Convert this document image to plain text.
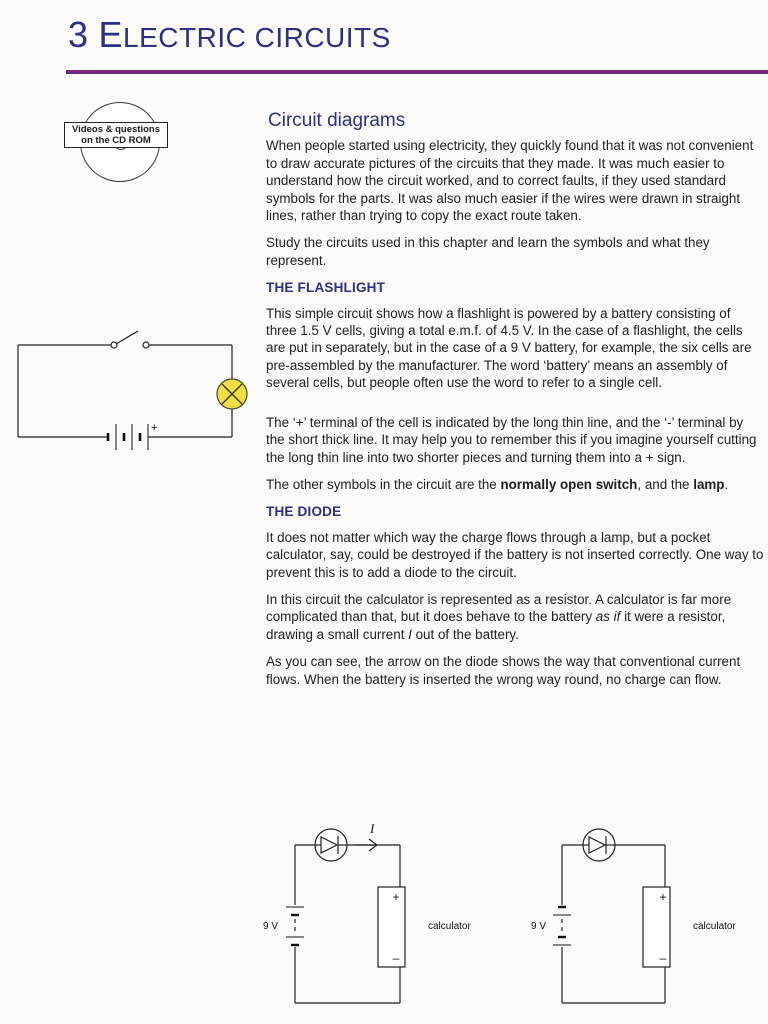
3 ELECTRIC CIRCUITS
Videos & questions
on the CD ROM
+
Circuit diagrams

When people started using electricity, they quickly found that it was not convenient to draw accurate pictures of the circuits that they made. It was much easier to understand how the circuit worked, and to correct faults, if they used standard symbols for the parts. It was also much easier if the wires were drawn in straight lines, rather than trying to copy the exact route taken.

Study the circuits used in this chapter and learn the symbols and what they represent.

THE FLASHLIGHT

This simple circuit shows how a flashlight is powered by a battery consisting of three 1.5 V cells, giving a total e.m.f. of 4.5 V. In the case of a flashlight, the cells are put in separately, but in the case of a 9 V battery, for example, the six cells are pre-assembled by the manufacturer. The word ‘battery’ means an assembly of several cells, but people often use the word to refer to a single cell.

The ‘+’ terminal of the cell is indicated by the long thin line, and the ‘-’ terminal by the short thick line. It may help you to remember this if you imagine yourself cutting the long thin line into two shorter pieces and turning them into a + sign.

The other symbols in the circuit are the normally open switch, and the lamp.

THE DIODE

It does not matter which way the charge flows through a lamp, but a pocket calculator, say, could be destroyed if the battery is not inserted correctly. One way to prevent this is to add a diode to the circuit.

In this circuit the calculator is represented as a resistor. A calculator is far more complicated than that, but it does behave to the battery as if it were a resistor, drawing a small current I out of the battery.

As you can see, the arrow on the diode shows the way that conventional current flows. When the battery is inserted the wrong way round, no charge can flow.

I
9 V
+
–
calculator	9 V
+
–
calculator
